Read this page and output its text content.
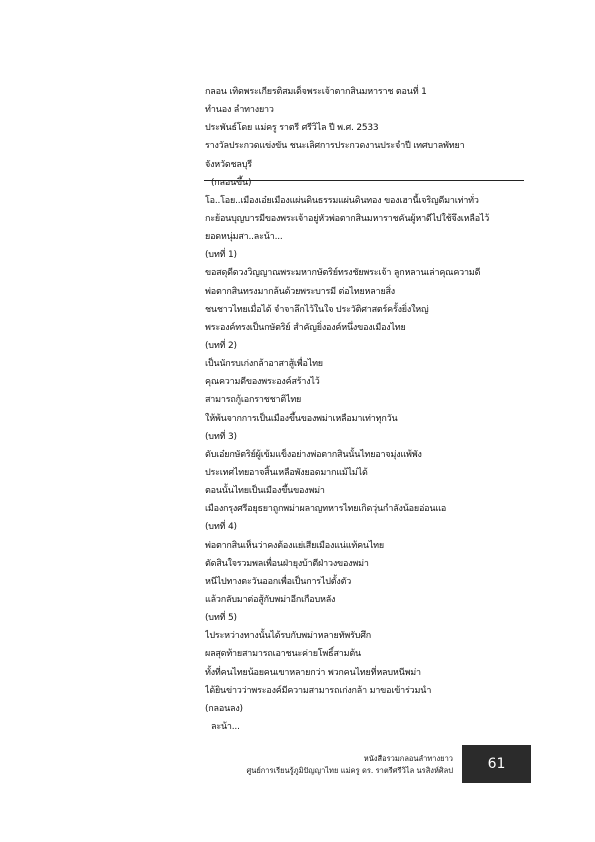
กลอน เทิดพระเกียรติสมเด็จพระเจ้าตากสินมหาราช ตอนที่ 1
ทำนอง ลำทางยาว
ประพันธ์โดย แม่ครู ราตรี ศรีวิไล ปี พ.ศ. 2533
รางวัลประกวดแข่งขัน ชนะเลิศการประกวดงานประจำปี เทศบาลพัทยา
จังหวัดชลบุรี
(กลอนขึ้น)
โอ..โอย..เมืองเอ๋ยเมืองแผ่นดินธรรมแผ่นดินทอง ของเฮานี้เจริญดีมาเท่าทั่ว
กะย้อนบุญบารมีของพระเจ้าอยู่หัวพ่อตากสินมหาราชคันผู้หาดีไปใช้จึงเหลือไว้
ยอดหนุ่มสา..ละน้า...
(บทที่ 1)
ขอสดุดีดวงวิญญาณพระมหากษัตริย์ทรงชัยพระเจ้า ลูกหลานเล่าคุณความดี
พ่อตากสินทรงมากล้นด้วยพระบารมี ต่อไทยหลายสิ่ง
ชนชาวไทยเมื่อได้ จำจาลึกไว้ในใจ ประวัติศาสตร์ครั้งยิ่งใหญ่
พระองค์ทรงเป็นกษัตริย์ สำคัญยิ่งองค์หนึ่งของเมืองไทย
(บทที่ 2)
เป็นนักรบเก่งกล้าอาสาสู้เพื่อไทย
คุณความดีของพระองค์สร้างไว้
สามารถกู้เอกราชชาติไทย
ให้พ้นจากการเป็นเมืองขึ้นของพม่าเหลือมาเท่าทุกวัน
(บทที่ 3)
ดับเอ๋ยกษัตริย์ผู้เข้มแข็งอย่างพ่อตากสินนั้นไทยอาจมุ่งแพ้พัง
ประเทศไทยอาจสิ้นเหลือพังยอดมากแม้ไม่ได้
ตอนนั้นไทยเป็นเมืองขึ้นของพม่า
เมืองกรุงศรีอยุธยาถูกพม่าผลาญทหารไทยเกิดวุ่นกำลังน้อยอ่อนแอ
(บทที่ 4)
พ่อตากสินเห็นว่าคงต้องแย่เสียเมืองแน่แท้คนไทย
ตัดสินใจรวมพลเพื่อนฝ่ายุงบ้าตีฝ่าวงของพม่า
หนีไปทางตะวันออกเพื่อเป็นการไปตั้งตัว
แล้วกลับมาต่อสู้กับพม่าอีกเกือบหลัง
(บทที่ 5)
ไประหว่างทางนั้นได้รบกับพม่าหลายทัพรับศึก
ผลสุดท้ายสามารถเอาชนะค่ายโพธิ์สามต้น
ทั้งที่คนไทยน้อยคนเขาหลายกว่า พวกคนไทยที่หลบหนีพม่า
ได้ยินข่าวว่าพระองค์มีความสามารถเก่งกล้า มาขอเข้าร่วมนำ
(กลอนลง)
ละน้า...
หนังสือรวมกลอนลำทางยาว
ศูนย์การเรียนรู้ภูมิปัญญาไทย แม่ครู ดร. ราตรีศรีวิไล นรสิงห์ศิลป	61
